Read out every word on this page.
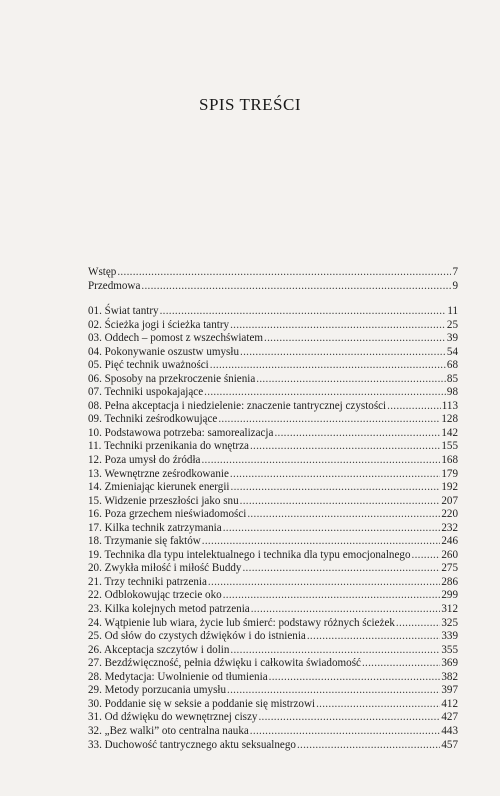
SPIS TREŚCI
Wstęp .....	7
Przedmowa .....	9
01. Świat tantry .....	11
02. Ścieżka jogi i ścieżka tantry .....	25
03. Oddech – pomost z wszechświatem .....	39
04. Pokonywanie oszustw umysłu .....	54
05. Pięć technik uważności .....	68
06. Sposoby na przekroczenie śnienia .....	85
07. Techniki uspokajające .....	98
08. Pełna akceptacja i niedzielenie: znaczenie tantrycznej czystości .....	113
09. Techniki ześrodkowujące .....	128
10. Podstawowa potrzeba: samorealizacja .....	142
11. Techniki przenikania do wnętrza .....	155
12. Poza umysł do źródła .....	168
13. Wewnętrzne ześrodkowanie .....	179
14. Zmieniając kierunek energii .....	192
15. Widzenie przeszłości jako snu .....	207
16. Poza grzechem nieświadomości .....	220
17. Kilka technik zatrzymania .....	232
18. Trzymanie się faktów .....	246
19. Technika dla typu intelektualnego i technika dla typu emocjonalnego .....	260
20. Zwykła miłość i miłość Buddy .....	275
21. Trzy techniki patrzenia .....	286
22. Odblokowując trzecie oko .....	299
23. Kilka kolejnych metod patrzenia .....	312
24. Wątpienie lub wiara, życie lub śmierć: podstawy różnych ścieżek .....	325
25. Od słów do czystych dźwięków i do istnienia .....	339
26. Akceptacja szczytów i dolin .....	355
27. Bezdźwięczność, pełnia dźwięku i całkowita świadomość .....	369
28. Medytacja: Uwolnienie od tłumienia .....	382
29. Metody porzucania umysłu .....	397
30. Poddanie się w seksie a poddanie się mistrzowi .....	412
31. Od dźwięku do wewnętrznej ciszy .....	427
32. „Bez walki” oto centralna nauka .....	443
33. Duchowość tantrycznego aktu seksualnego .....	457
